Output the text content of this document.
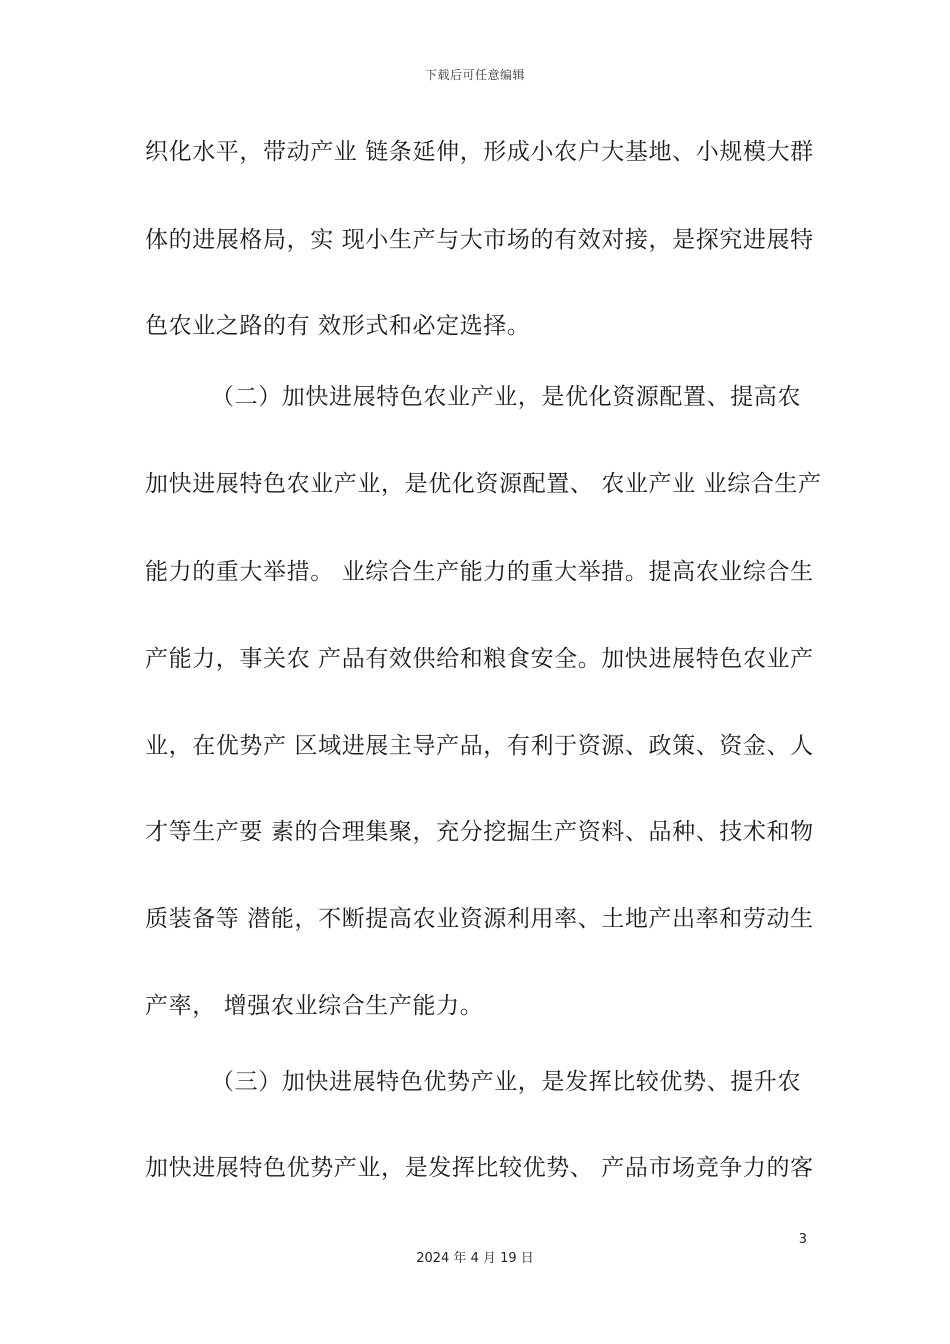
下载后可任意编辑
织化水平，带动产业 链条延伸，形成小农户大基地、小规模大群
体的进展格局，实 现小生产与大市场的有效对接，是探究进展特
色农业之路的有 效形式和必定选择。
（二）加快进展特色农业产业，是优化资源配置、提高农
加快进展特色农业产业，是优化资源配置、 农业产业 业综合生产
能力的重大举措。 业综合生产能力的重大举措。提高农业综合生
产能力，事关农 产品有效供给和粮食安全。加快进展特色农业产
业，在优势产 区域进展主导产品，有利于资源、政策、资金、人
才等生产要 素的合理集聚，充分挖掘生产资料、品种、技术和物
质装备等 潜能，不断提高农业资源利用率、土地产出率和劳动生
产率， 增强农业综合生产能力。
（三）加快进展特色优势产业，是发挥比较优势、提升农
加快进展特色优势产业，是发挥比较优势、 产品市场竞争力的客
3
2024 年 4 月 19 日
